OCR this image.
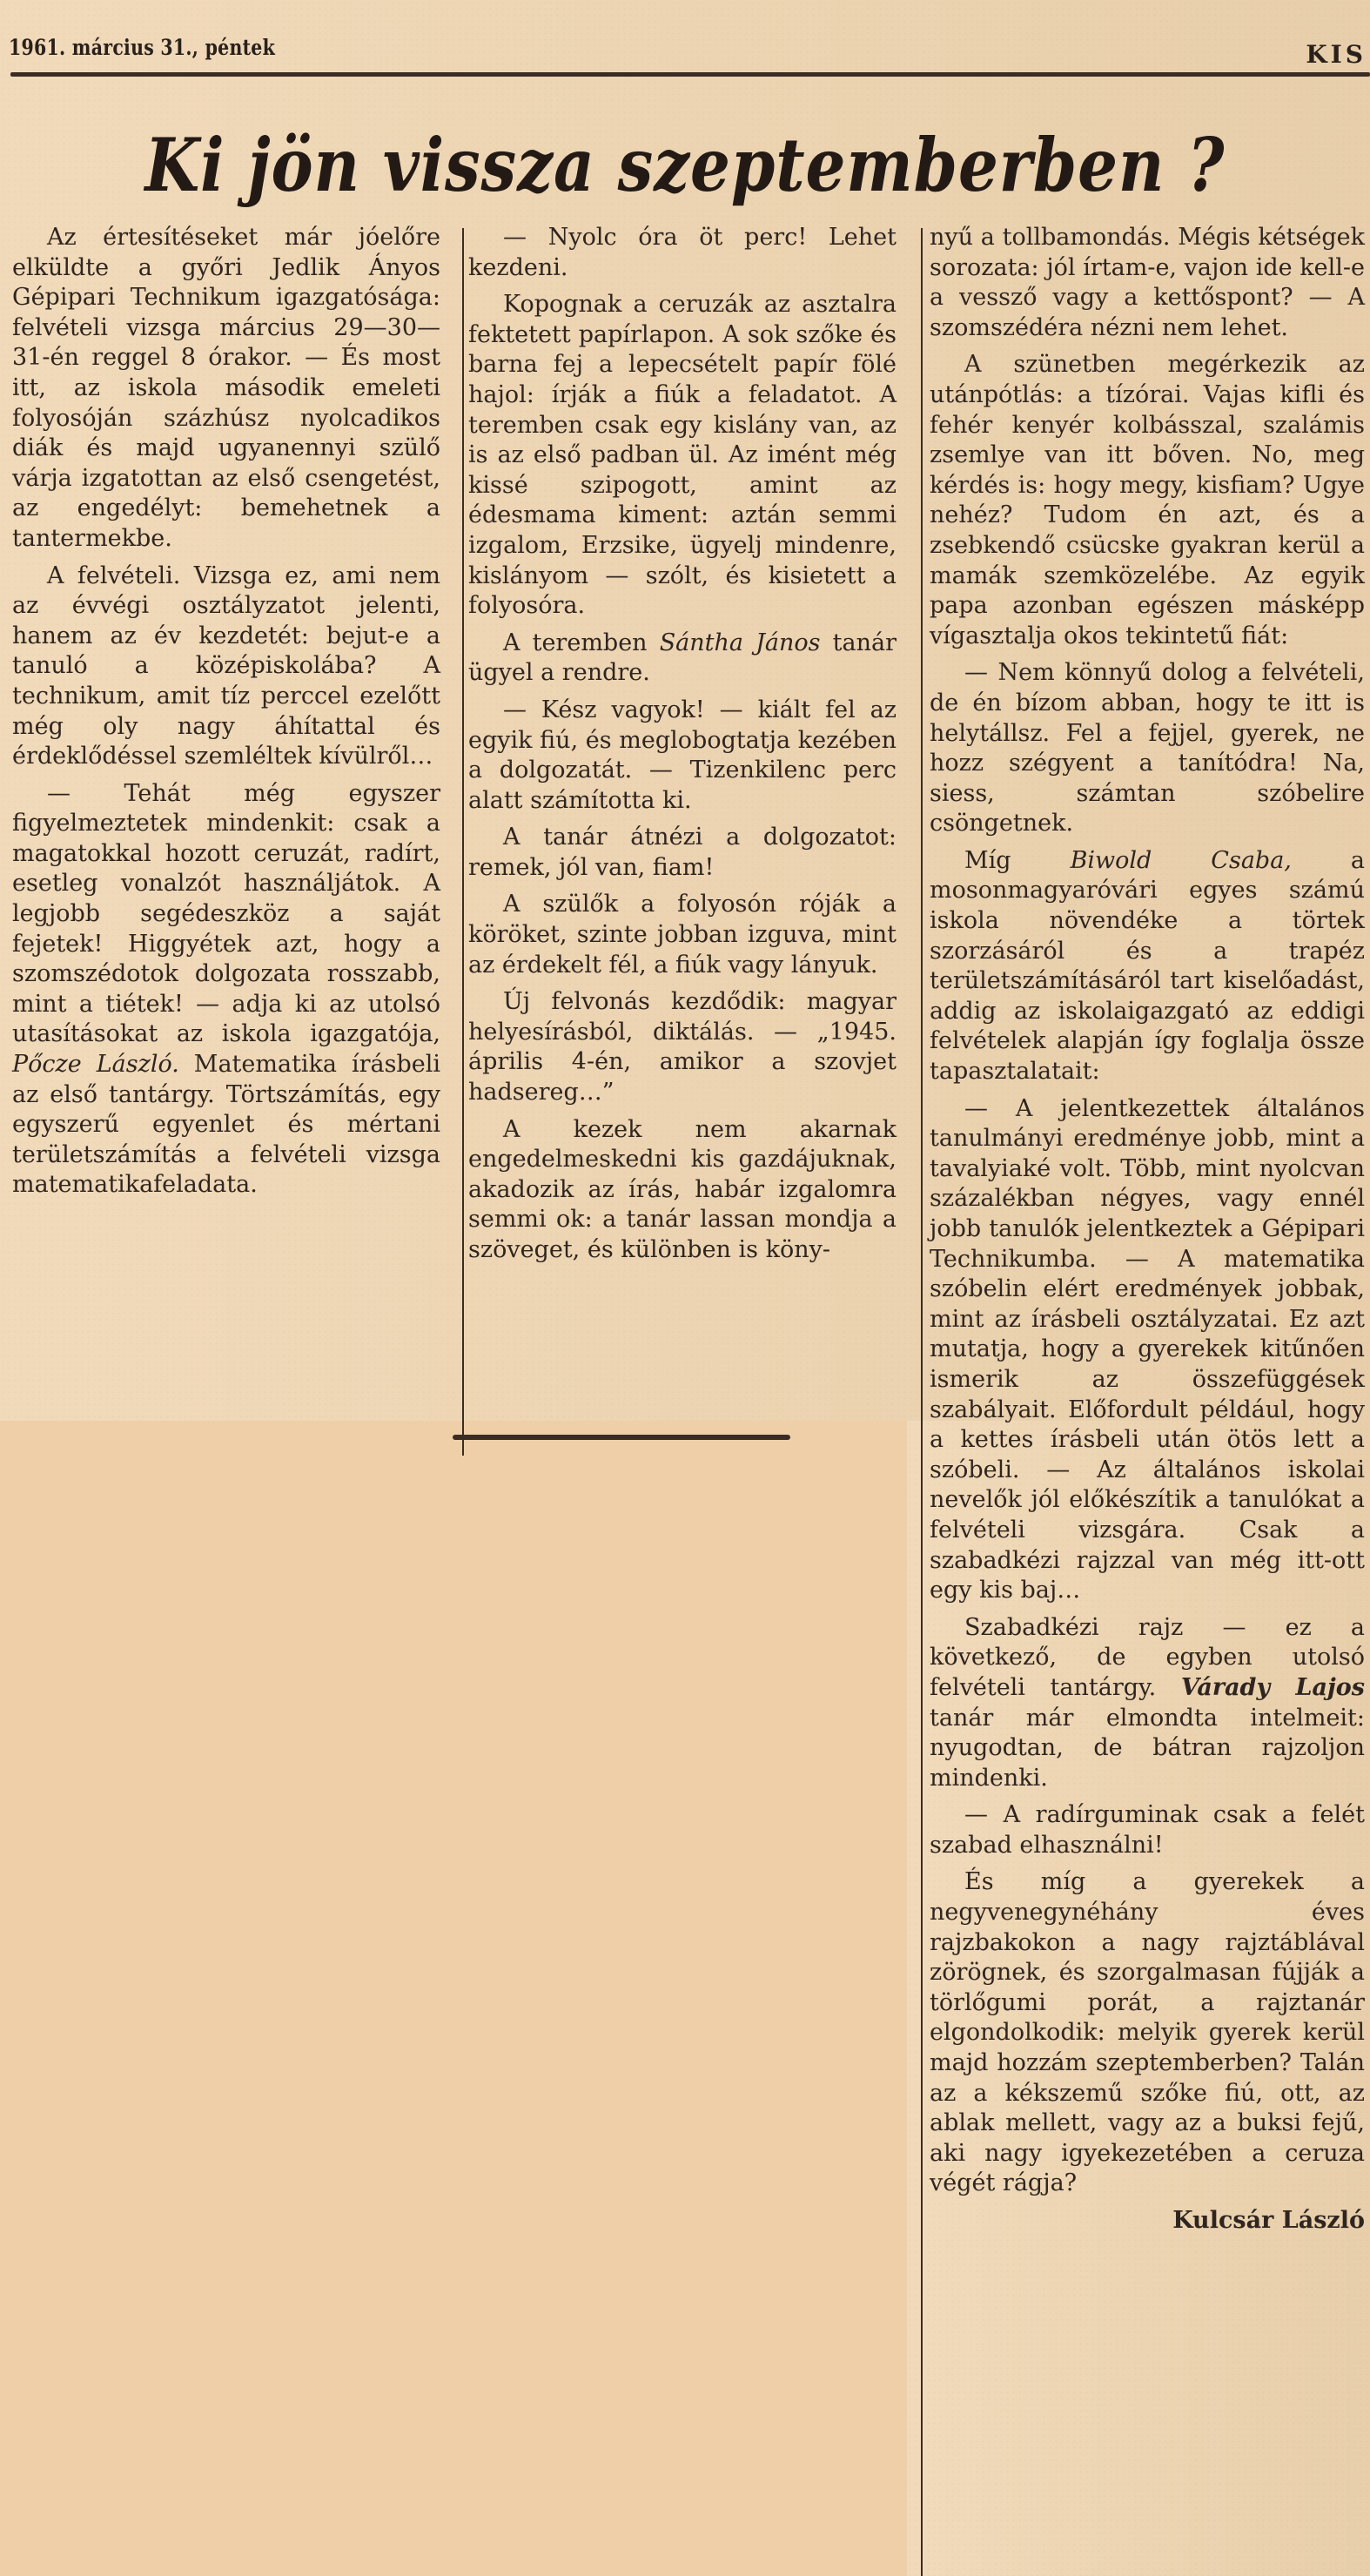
1961. március 31., péntek	KIS
Ki jön vissza szeptemberben ?

Az értesítéseket már jóelőre elküldte a győri Jedlik Ányos Gépipari Technikum igazgatósága: felvételi vizsga március 29—30—31-én reggel 8 órakor. — És most itt, az iskola második emeleti folyosóján százhúsz nyolcadikos diák és majd ugyanennyi szülő várja izgatottan az első csengetést, az engedélyt: bemehetnek a tantermekbe.

A felvételi. Vizsga ez, ami nem az évvégi osztályzatot jelenti, hanem az év kezdetét: bejut-e a tanuló a középiskolába? A technikum, amit tíz perccel ezelőtt még oly nagy áhítattal és érdeklődéssel szemléltek kívülről…

— Tehát még egyszer figyelmeztetek mindenkit: csak a magatokkal hozott ceruzát, radírt, esetleg vonalzót használjátok. A legjobb segédeszköz a saját fejetek! Higgyétek azt, hogy a szomszédotok dolgozata rosszabb, mint a tiétek! — adja ki az utolsó utasításokat az iskola igazgatója, Pőcze László. Matematika írásbeli az első tantárgy. Törtszámítás, egy egyszerű egyenlet és mértani területszámítás a felvételi vizsga matematikafeladata.

— Nyolc óra öt perc! Lehet kezdeni.

Kopognak a ceruzák az asztalra fektetett papírlapon. A sok szőke és barna fej a lepecsételt papír fölé hajol: írják a fiúk a feladatot. A teremben csak egy kislány van, az is az első padban ül. Az imént még kissé szipogott, amint az édesmama kiment: aztán semmi izgalom, Erzsike, ügyelj mindenre, kislányom — szólt, és kisietett a folyosóra.

A teremben Sántha János tanár ügyel a rendre.

— Kész vagyok! — kiált fel az egyik fiú, és meglobogtatja kezében a dolgozatát. — Tizenkilenc perc alatt számította ki.

A tanár átnézi a dolgozatot: remek, jól van, fiam!

A szülők a folyosón róják a köröket, szinte jobban izguva, mint az érdekelt fél, a fiúk vagy lányuk.

Új felvonás kezdődik: magyar helyesírásból, diktálás. — „1945. április 4-én, amikor a szovjet hadsereg…”

A kezek nem akarnak engedelmeskedni kis gazdájuknak, akadozik az írás, habár izgalomra semmi ok: a tanár lassan mondja a szöveget, és különben is köny-

nyű a tollbamondás. Mégis kétségek sorozata: jól írtam-e, vajon ide kell-e a vessző vagy a kettőspont? — A szomszédéra nézni nem lehet.

A szünetben megérkezik az utánpótlás: a tízórai. Vajas kifli és fehér kenyér kolbásszal, szalámis zsemlye van itt bőven. No, meg kérdés is: hogy megy, kisfiam? Ugye nehéz? Tudom én azt, és a zsebkendő csücske gyakran kerül a mamák szemközelébe. Az egyik papa azonban egészen másképp vígasztalja okos tekintetű fiát:

— Nem könnyű dolog a felvételi, de én bízom abban, hogy te itt is helytállsz. Fel a fejjel, gyerek, ne hozz szégyent a tanítódra! Na, siess, számtan szóbelire csöngetnek.

Míg	Biwold Csaba,	a mosonmagyaróvári egyes számú iskola növendéke a törtek szorzásáról és a trapéz területszámításáról tart kiselőadást, addig az iskolaigazgató az eddigi felvételek alapján így foglalja össze tapasztalatait:

— A jelentkezettek általános tanulmányi eredménye jobb, mint a tavalyiaké volt. Több, mint nyolcvan százalékban négyes, vagy ennél jobb tanulók jelentkeztek a Gépipari Technikumba. — A matematika szóbelin elért eredmények jobbak, mint az írásbeli osztályzatai. Ez azt mutatja, hogy a gyerekek kitűnően ismerik az összefüggések szabályait. Előfordult például, hogy a kettes írásbeli után ötös lett a szóbeli. — Az általános iskolai nevelők jól előkészítik a tanulókat a felvételi vizsgára. Csak a szabadkézi rajzzal van még itt-ott egy kis baj…

Szabadkézi rajz — ez a következő, de egyben utolsó felvételi tantárgy. Várady Lajos tanár már elmondta intelmeit: nyugodtan, de bátran rajzoljon mindenki.

— A radírguminak csak a felét szabad elhasználni!

És míg a gyerekek a negyvenegynéhány éves rajzbakokon a nagy rajztáblával zörögnek, és szorgalmasan fújják a törlőgumi porát, a rajztanár elgondolkodik: melyik gyerek kerül majd hozzám szeptemberben? Talán az a kékszemű szőke fiú, ott, az ablak mellett, vagy az a buksi fejű, aki nagy igyekezetében a ceruza végét rágja?

Kulcsár László
